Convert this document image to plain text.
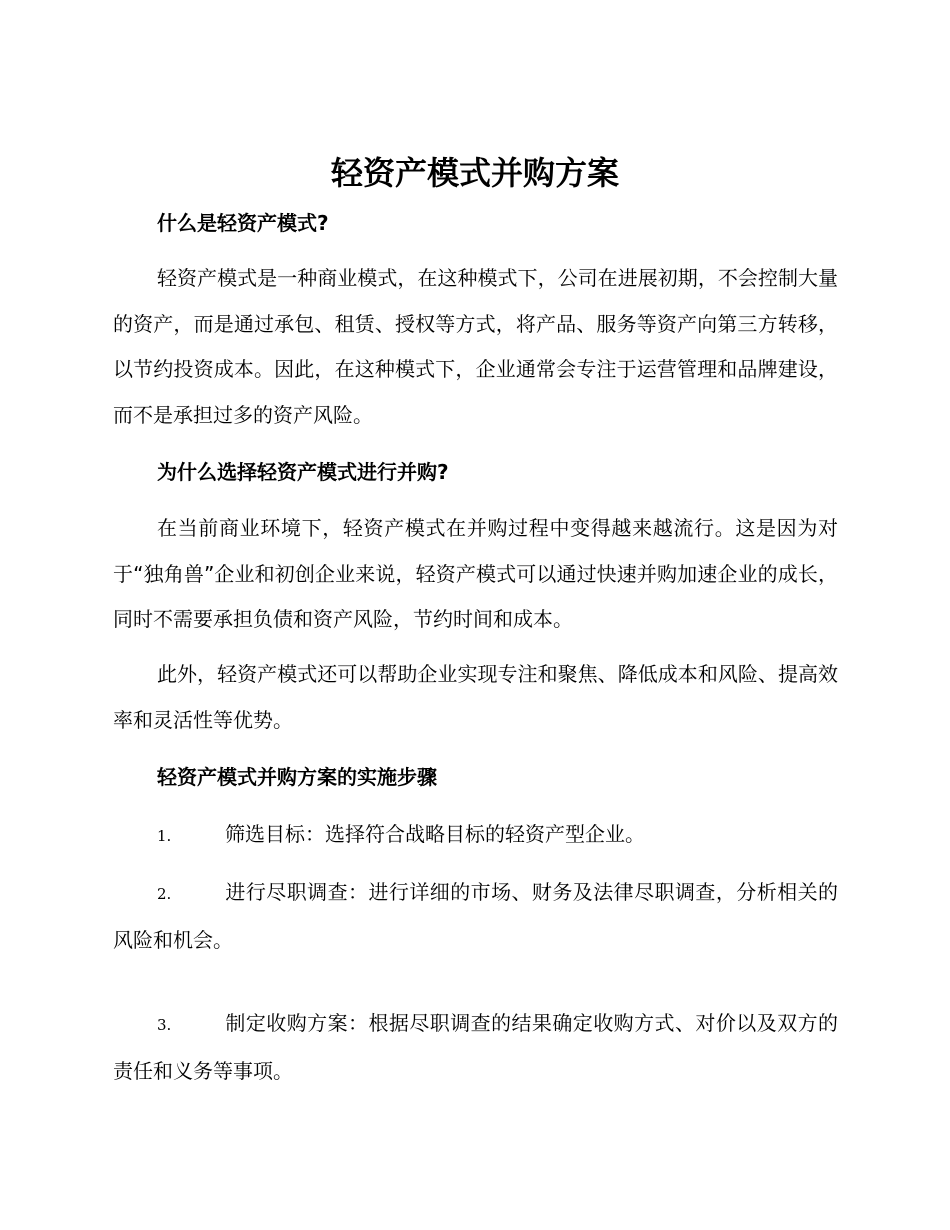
轻资产模式并购方案
什么是轻资产模式?

轻资产模式是一种商业模式，在这种模式下，公司在进展初期，不会控制大量的资产，而是通过承包、租赁、授权等方式，将产品、服务等资产向第三方转移，以节约投资成本。因此，在这种模式下，企业通常会专注于运营管理和品牌建设，而不是承担过多的资产风险。

为什么选择轻资产模式进行并购?

在当前商业环境下，轻资产模式在并购过程中变得越来越流行。这是因为对于“独角兽”企业和初创企业来说，轻资产模式可以通过快速并购加速企业的成长，同时不需要承担负债和资产风险，节约时间和成本。

此外，轻资产模式还可以帮助企业实现专注和聚焦、降低成本和风险、提高效率和灵活性等优势。

轻资产模式并购方案的实施步骤
1.	筛选目标：选择符合战略目标的轻资产型企业。
2.	进行尽职调查：进行详细的市场、财务及法律尽职调查，分析相关的风险和机会。
3.	制定收购方案：根据尽职调查的结果确定收购方式、对价以及双方的责任和义务等事项。
